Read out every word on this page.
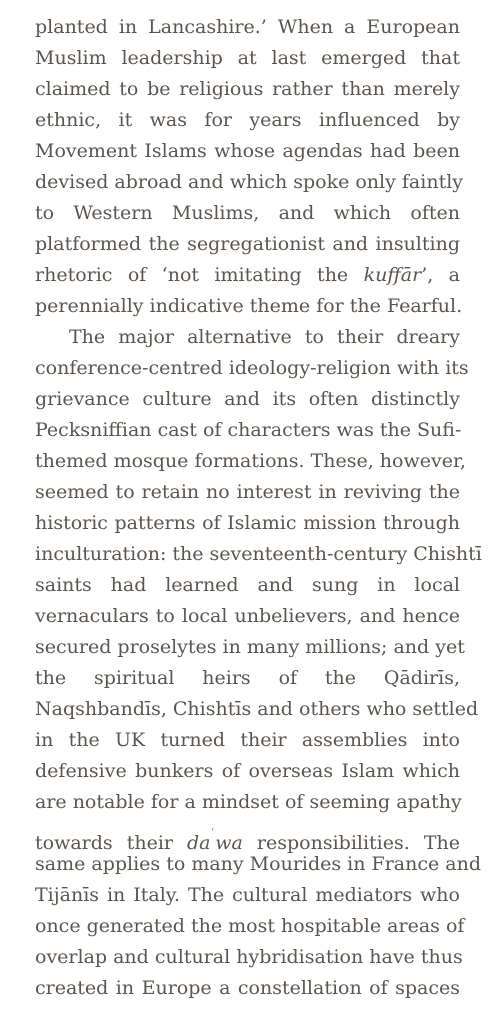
planted in Lancashire.’ When a European
Muslim leadership at last emerged that
claimed to be religious rather than merely
ethnic, it was for years influenced by
Movement Islams whose agendas had been
devised abroad and which spoke only faintly
to Western Muslims, and which often
platformed the segregationist and insulting
rhetoric of ‘not imitating the kuffār’, a
perennially indicative theme for the Fearful.
The major alternative to their dreary
conference-centred ideology-religion with its
grievance culture and its often distinctly
Pecksniffian cast of characters was the Sufi-
themed mosque formations. These, however,
seemed to retain no interest in reviving the
historic patterns of Islamic mission through
inculturation: the seventeenth-century Chishtī
saints had learned and sung in local
vernaculars to local unbelievers, and hence
secured proselytes in many millions; and yet
the spiritual heirs of the Qādirīs,
Naqshbandīs, Chishtīs and others who settled
in the UK turned their assemblies into
defensive bunkers of overseas Islam which
are notable for a mindset of seeming apathy
towards their $da^ʿwa$ responsibilities. The
same applies to many Mourides in France and
Tijānīs in Italy. The cultural mediators who
once generated the most hospitable areas of
overlap and cultural hybridisation have thus
created in Europe a constellation of spaces
